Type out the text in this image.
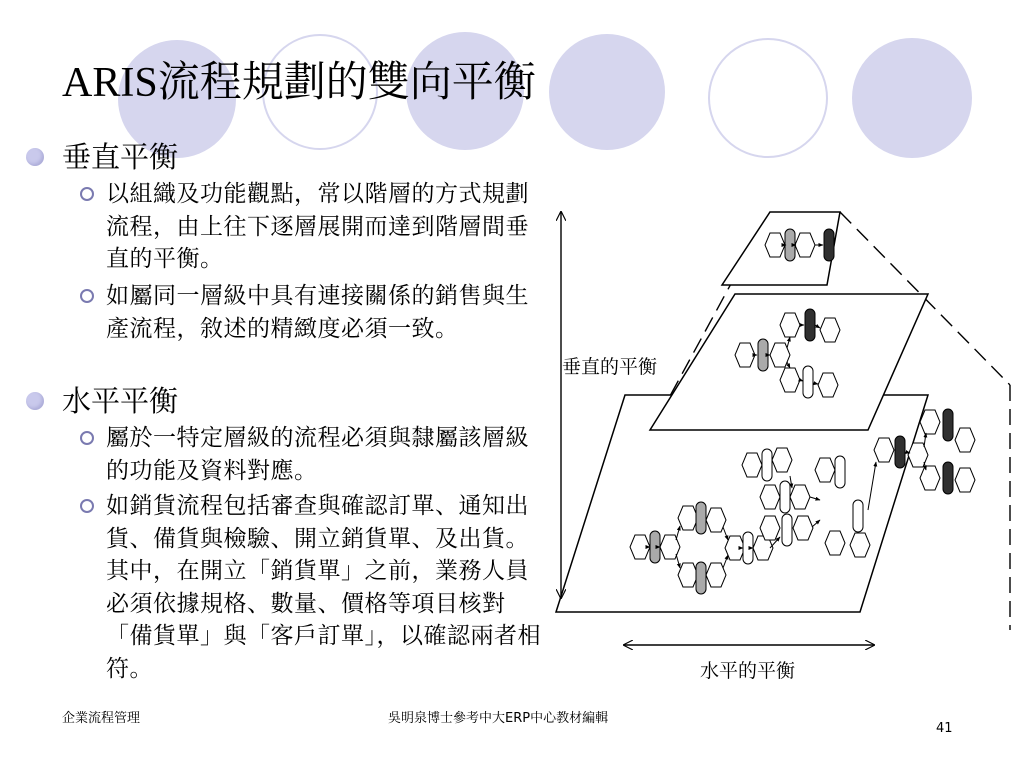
ARIS流程規劃的雙向平衡
垂直平衡
以組織及功能觀點，常以階層的方式規劃流程，由上往下逐層展開而達到階層間垂直的平衡。
如屬同一層級中具有連接關係的銷售與生產流程，敘述的精緻度必須一致。
水平平衡
屬於一特定層級的流程必須與隸屬該層級的功能及資料對應。
如銷貨流程包括審查與確認訂單、通知出貨、備貨與檢驗、開立銷貨單、及出貨。其中，在開立「銷貨單」之前，業務人員必須依據規格、數量、價格等項目核對「備貨單」與「客戶訂單」，以確認兩者相符。
垂直的平衡
水平的平衡
企業流程管理	吳明泉博士參考中大ERP中心教材編輯
41
